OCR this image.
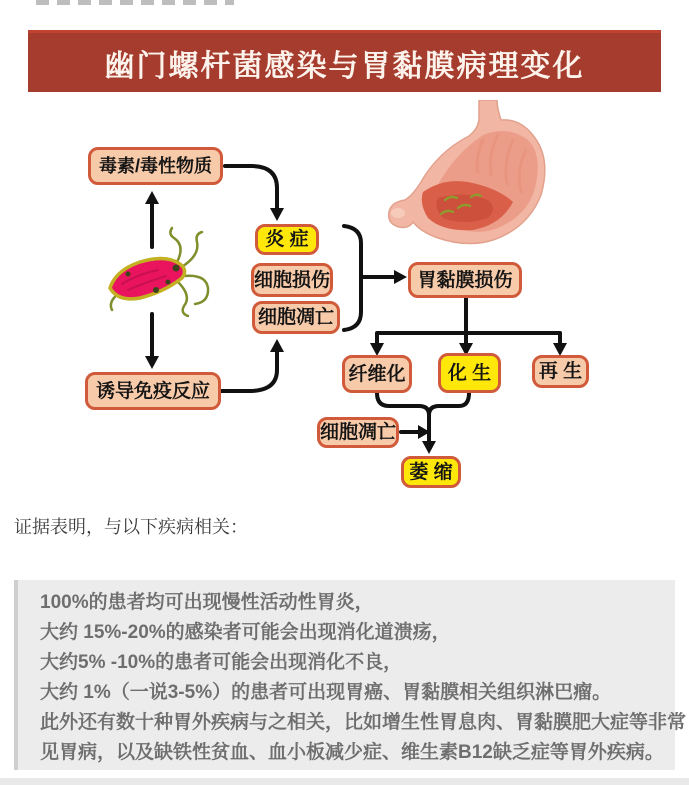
幽门螺杆菌感染与胃黏膜病理变化
毒素/毒性物质
炎 症
细胞损伤
细胞凋亡
胃黏膜损伤
纤维化	化 生	再 生
细胞凋亡
萎 缩
诱导免疫反应
证据表明，与以下疾病相关：
100%的患者均可出现慢性活动性胃炎，
大约 15%-20%的感染者可能会出现消化道溃疡，
大约5% -10%的患者可能会出现消化不良，
大约 1%（一说3-5%）的患者可出现胃癌、胃黏膜相关组织淋巴瘤。
此外还有数十种胃外疾病与之相关，比如增生性胃息肉、胃黏膜肥大症等非常
见胃病，以及缺铁性贫血、血小板减少症、维生素B12缺乏症等胃外疾病。
